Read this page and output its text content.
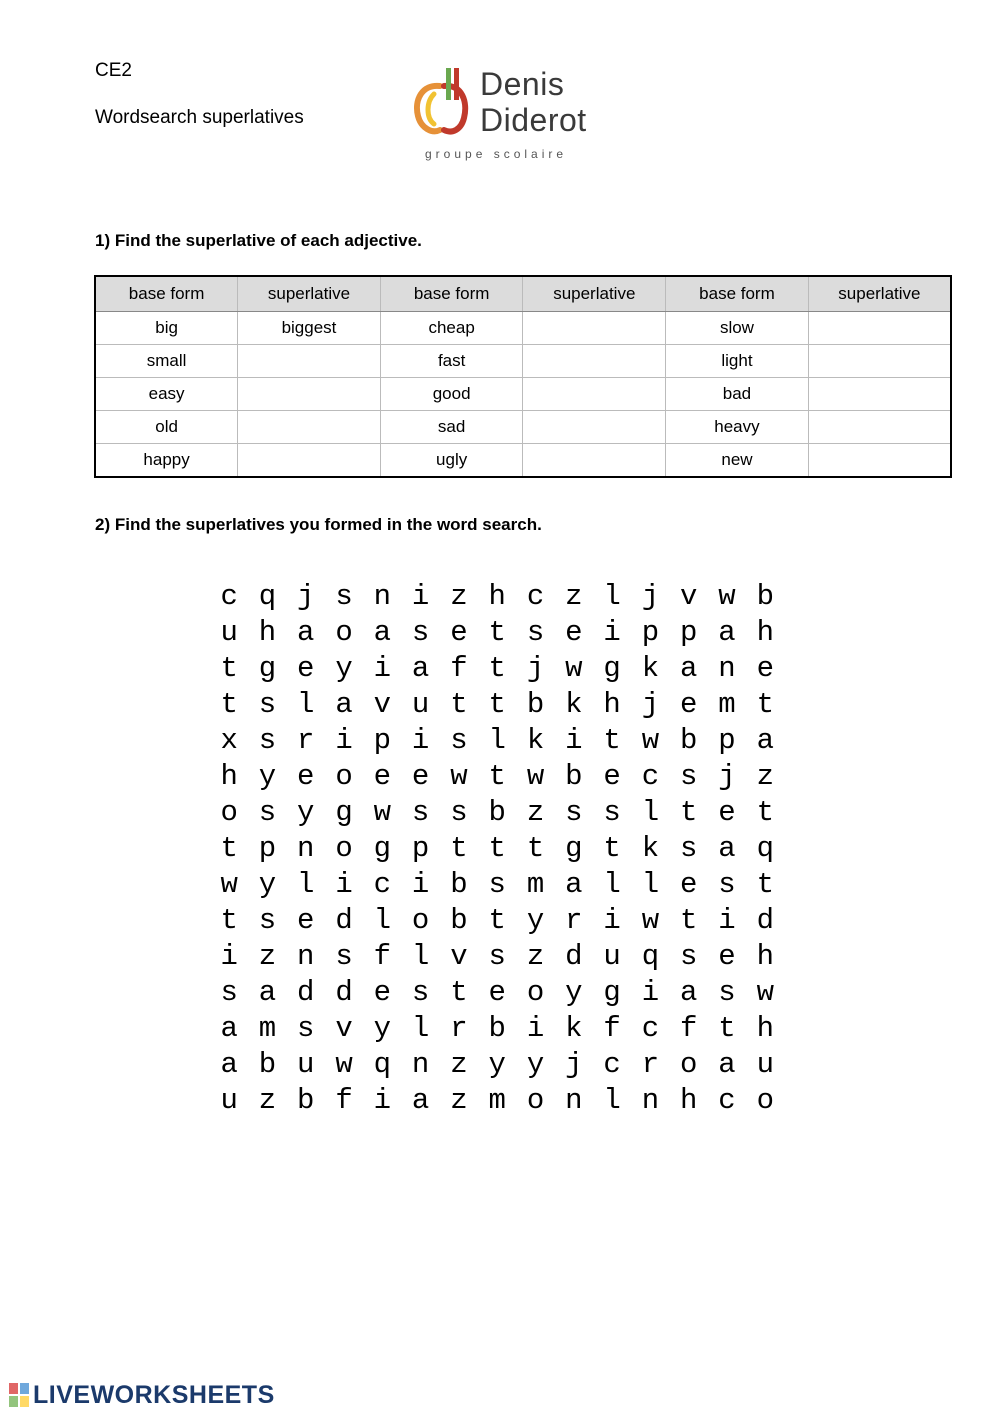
CE2
Wordsearch superlatives
Denis
Diderot
groupe scolaire
1) Find the superlative of each adjective.
base form	superlative	base form	superlative	base form	superlative
big	biggest	cheap		slow	
small		fast		light	
easy		good		bad	
old		sad		heavy	
happy		ugly		new	
2) Find the superlatives you formed in the word search.
c q j s n i z h c z l j v w b
u h a o a s e t s e i p p a h
t g e y i a f t j w g k a n e
t s l a v u t t b k h j e m t
x s r i p i s l k i t w b p a
h y e o e e w t w b e c s j z
o s y g w s s b z s s l t e t
t p n o g p t t t g t k s a q
w y l i c i b s m a l l e s t
t s e d l o b t y r i w t i d
i z n s f l v s z d u q s e h
s a d d e s t e o y g i a s w
a m s v y l r b i k f c f t h
a b u w q n z y y j c r o a u
u z b f i a z m o n l n h c o
LIVEWORKSHEETS
